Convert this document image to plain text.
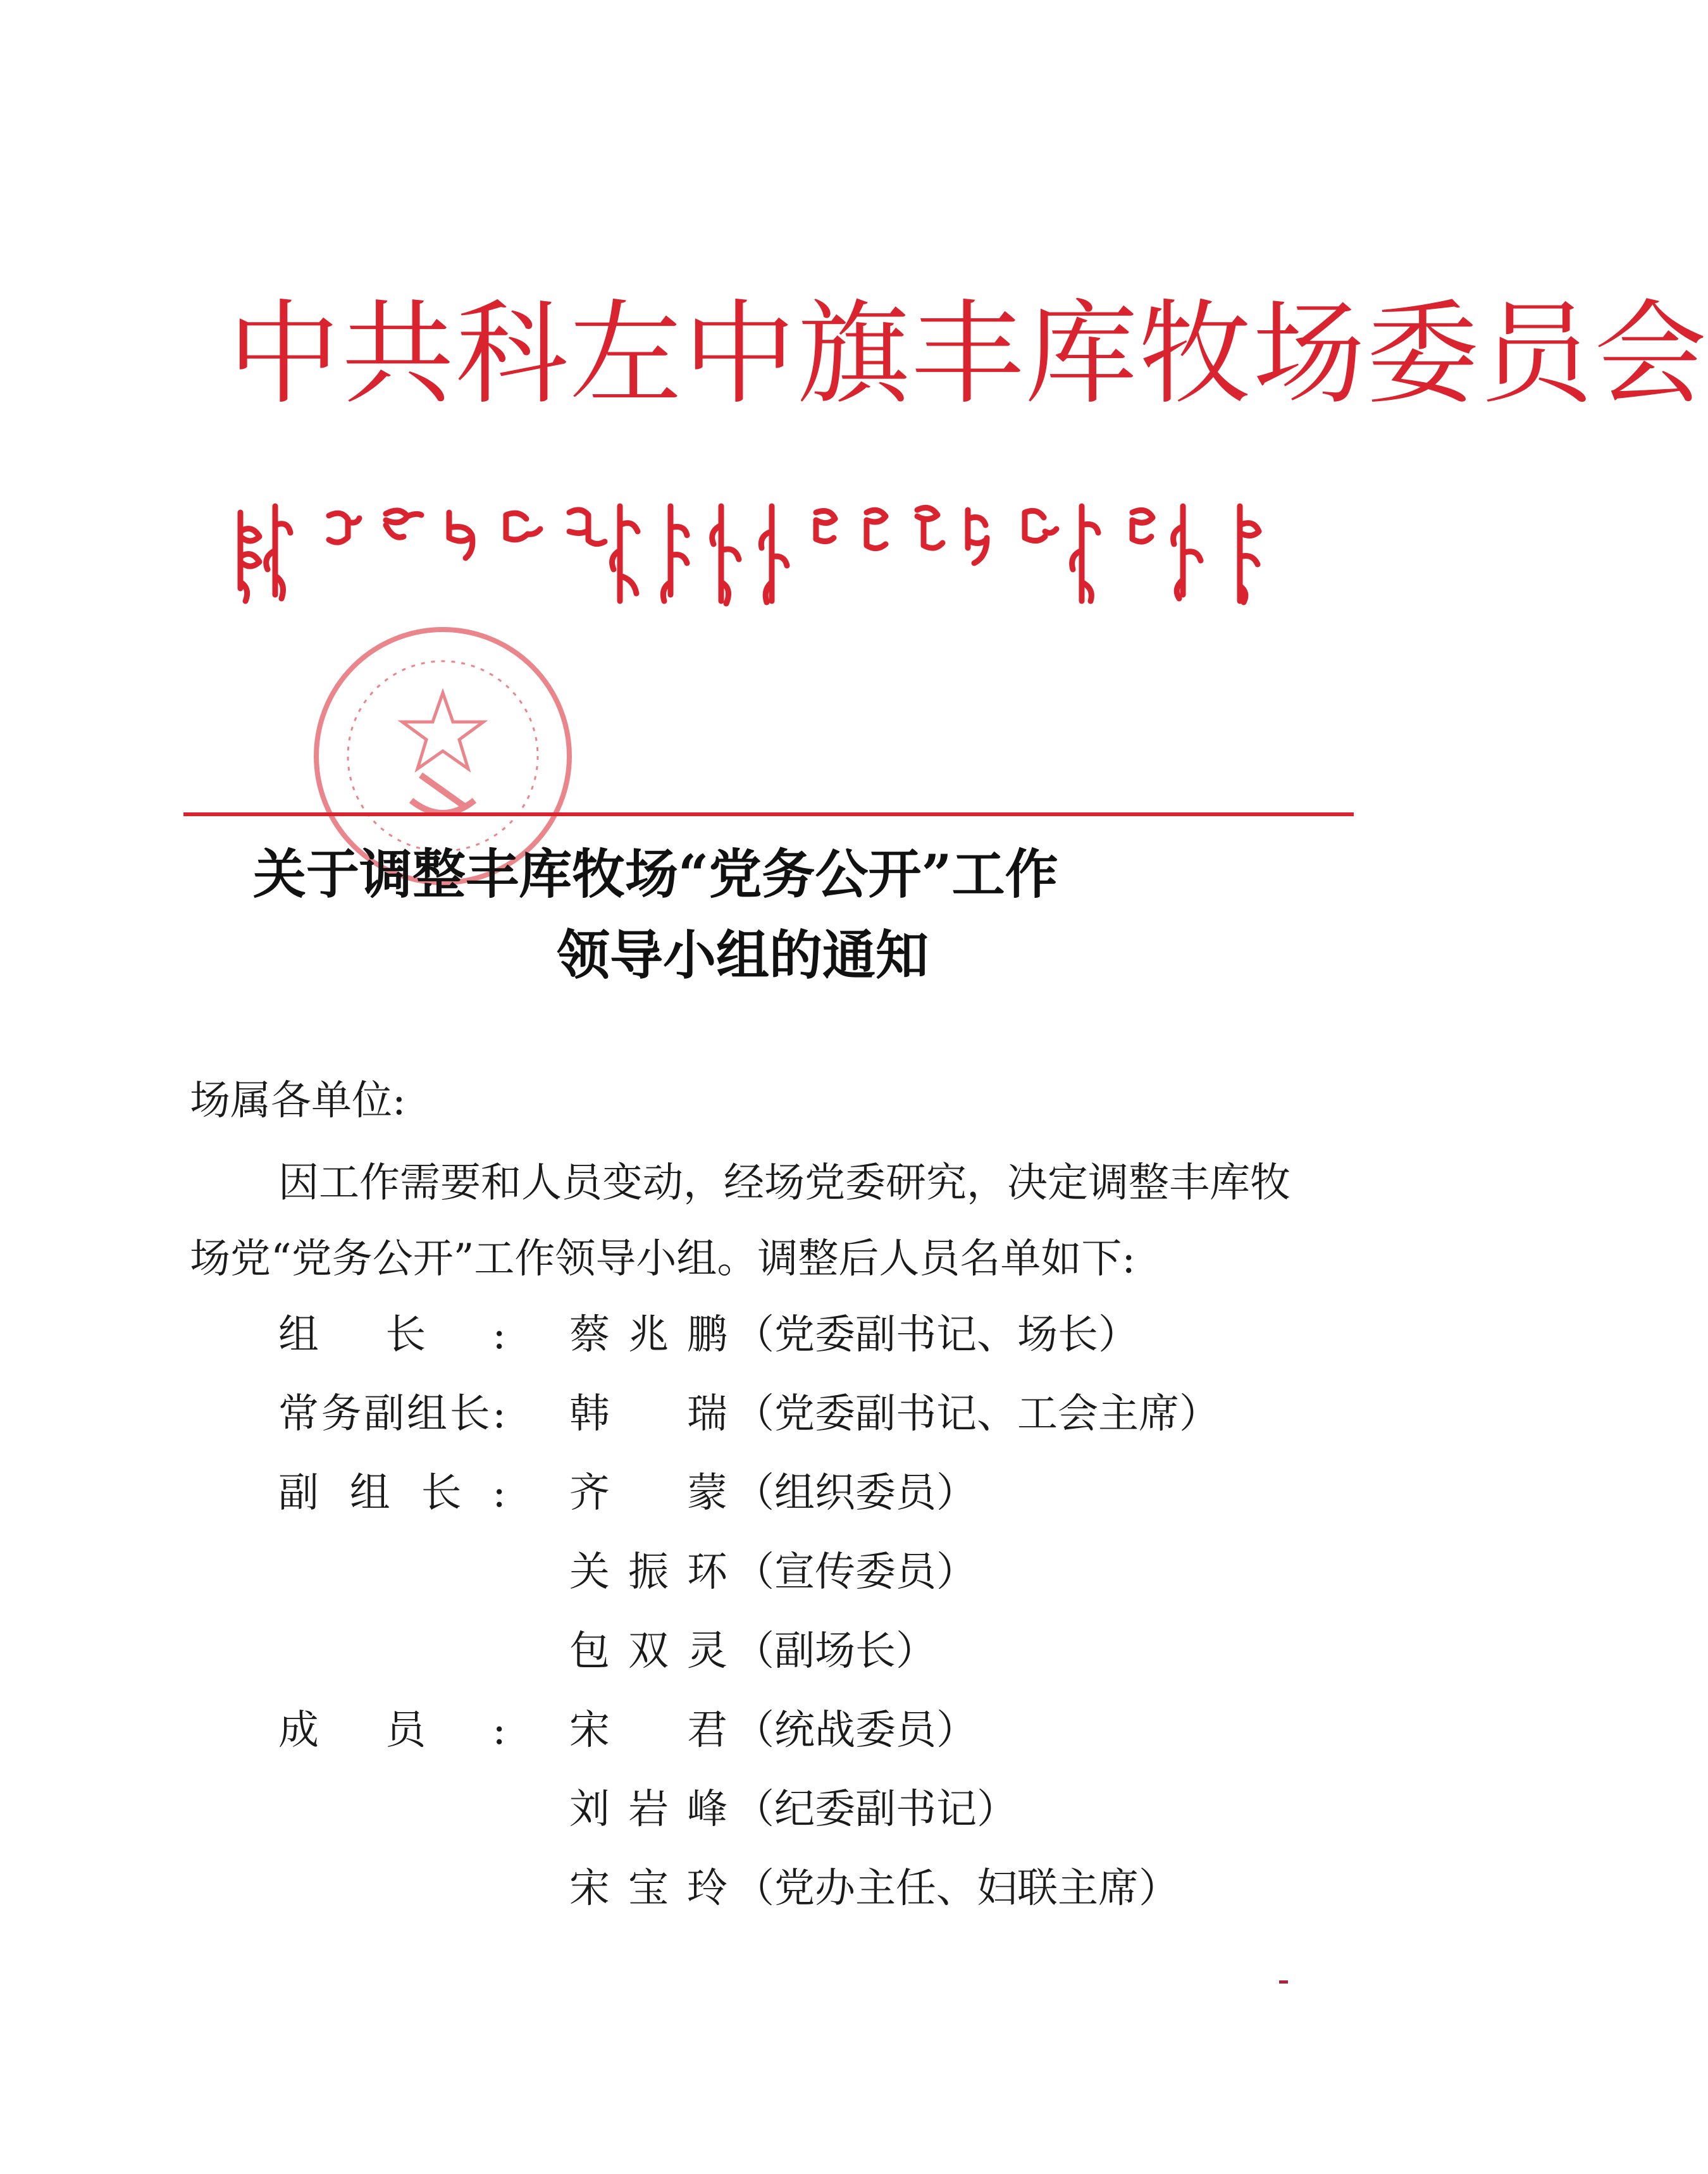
中共科左中旗丰库牧场委员会
关于调整丰库牧场“党务公开”工作
领导小组的通知
场属各单位:
因工作需要和人员变动，经场党委研究，决定调整丰库牧
场党“党务公开”工作领导小组。调整后人员名单如下:
组长: 蔡兆鹏 （党委副书记、场长）
常务副组长: 韩瑞 （党委副书记、工会主席）
副组长: 齐蒙 （组织委员）
关振环 （宣传委员）
包双灵 （副场长）
成员: 宋君 （统战委员）
刘岩峰 （纪委副书记）
宋宝玲 （党办主任、妇联主席）
